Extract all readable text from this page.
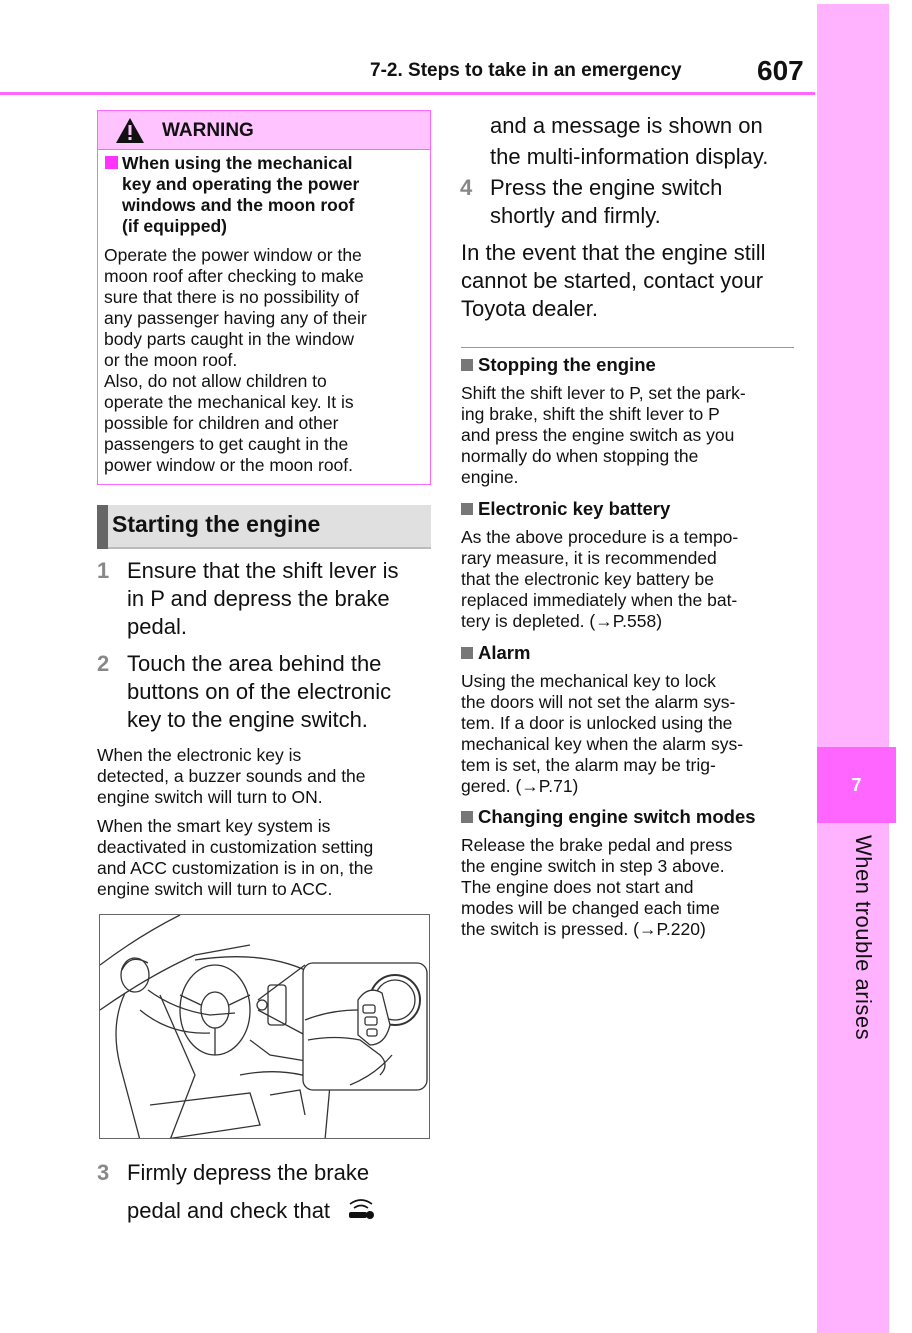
7-2. Steps to take in an emergency	607
7
When trouble arises
WARNING
When using the mechanical
key and operating the power
windows and the moon roof
(if equipped)
Operate the power window or the
moon roof after checking to make
sure that there is no possibility of
any passenger having any of their
body parts caught in the window
or the moon roof.
Also, do not allow children to
operate the mechanical key. It is
possible for children and other
passengers to get caught in the
power window or the moon roof.
Starting the engine
1 Ensure that the shift lever is
in P and depress the brake
pedal.
2 Touch the area behind the
buttons on of the electronic
key to the engine switch.
When the electronic key is
detected, a buzzer sounds and the
engine switch will turn to ON.
When the smart key system is
deactivated in customization setting
and ACC customization is in on, the
engine switch will turn to ACC.
3 Firmly depress the brake
pedal and check that
and a message is shown on
the multi-information display.
4 Press the engine switch
shortly and firmly.
In the event that the engine still
cannot be started, contact your
Toyota dealer.
Stopping the engine
Shift the shift lever to P, set the park-
ing brake, shift the shift lever to P
and press the engine switch as you
normally do when stopping the
engine.
Electronic key battery
As the above procedure is a tempo-
rary measure, it is recommended
that the electronic key battery be
replaced immediately when the bat-
tery is depleted. (→P.558)
Alarm
Using the mechanical key to lock
the doors will not set the alarm sys-
tem. If a door is unlocked using the
mechanical key when the alarm sys-
tem is set, the alarm may be trig-
gered. (→P.71)
Changing engine switch modes
Release the brake pedal and press
the engine switch in step 3 above.
The engine does not start and
modes will be changed each time
the switch is pressed. (→P.220)
